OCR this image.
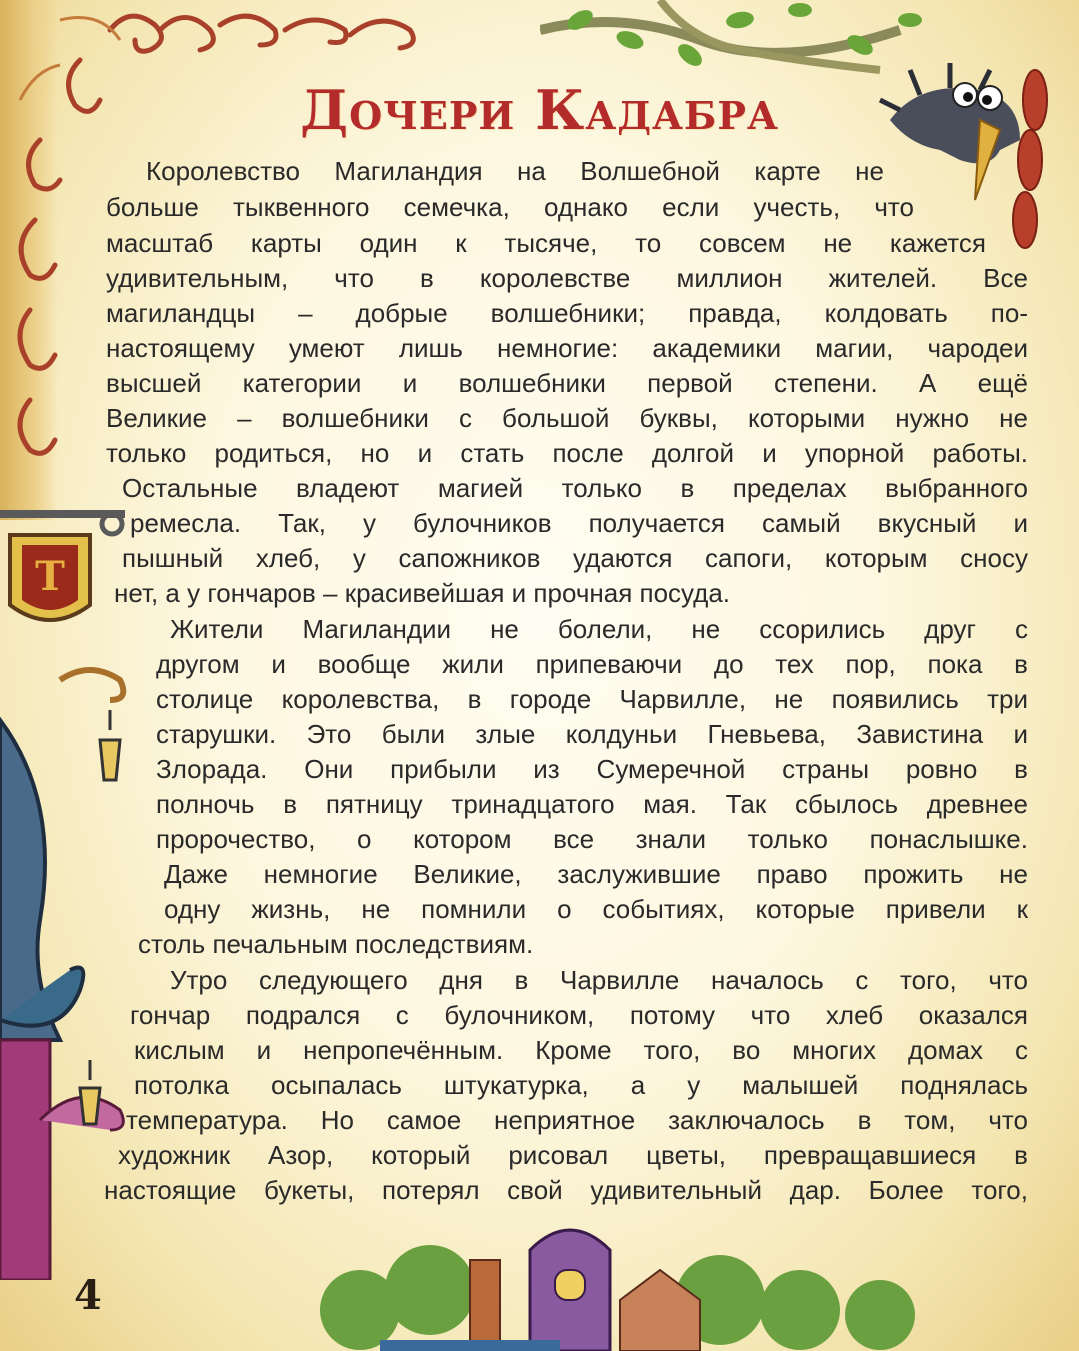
T
Дочери Кадабра
Королевство Магиландия на Волшебной карте не
больше тыквенного семечка, однако если учесть, что
масштаб карты один к тысяче, то совсем не кажется
удивительным, что в королевстве миллион жителей. Все
магиландцы – добрые волшебники; правда, колдовать по-
настоящему умеют лишь немногие: академики магии, чародеи
высшей категории и волшебники первой степени. А ещё
Великие – волшебники с большой буквы, которыми нужно не
только родиться, но и стать после долгой и упорной работы.
Остальные владеют магией только в пределах выбранного
ремесла. Так, у булочников получается самый вкусный и
пышный хлеб, у сапожников удаются сапоги, которым сносу
нет, а у гончаров – красивейшая и прочная посуда.
Жители Магиландии не болели, не ссорились друг с
другом и вообще жили припеваючи до тех пор, пока в
столице королевства, в городе Чарвилле, не появились три
старушки. Это были злые колдуньи Гневьева, Завистина и
Злорада. Они прибыли из Сумеречной страны ровно в
полночь в пятницу тринадцатого мая. Так сбылось древнее
пророчество, о котором все знали только понаслышке.
Даже немногие Великие, заслужившие право прожить не
одну жизнь, не помнили о событиях, которые привели к
столь печальным последствиям.
Утро следующего дня в Чарвилле началось с того, что
гончар подрался с булочником, потому что хлеб оказался
кислым и непропечённым. Кроме того, во многих домах с
потолка осыпалась штукатурка, а у малышей поднялась
температура. Но самое неприятное заключалось в том, что
художник Азор, который рисовал цветы, превращавшиеся в
настоящие букеты, потерял свой удивительный дар. Более того,
4
